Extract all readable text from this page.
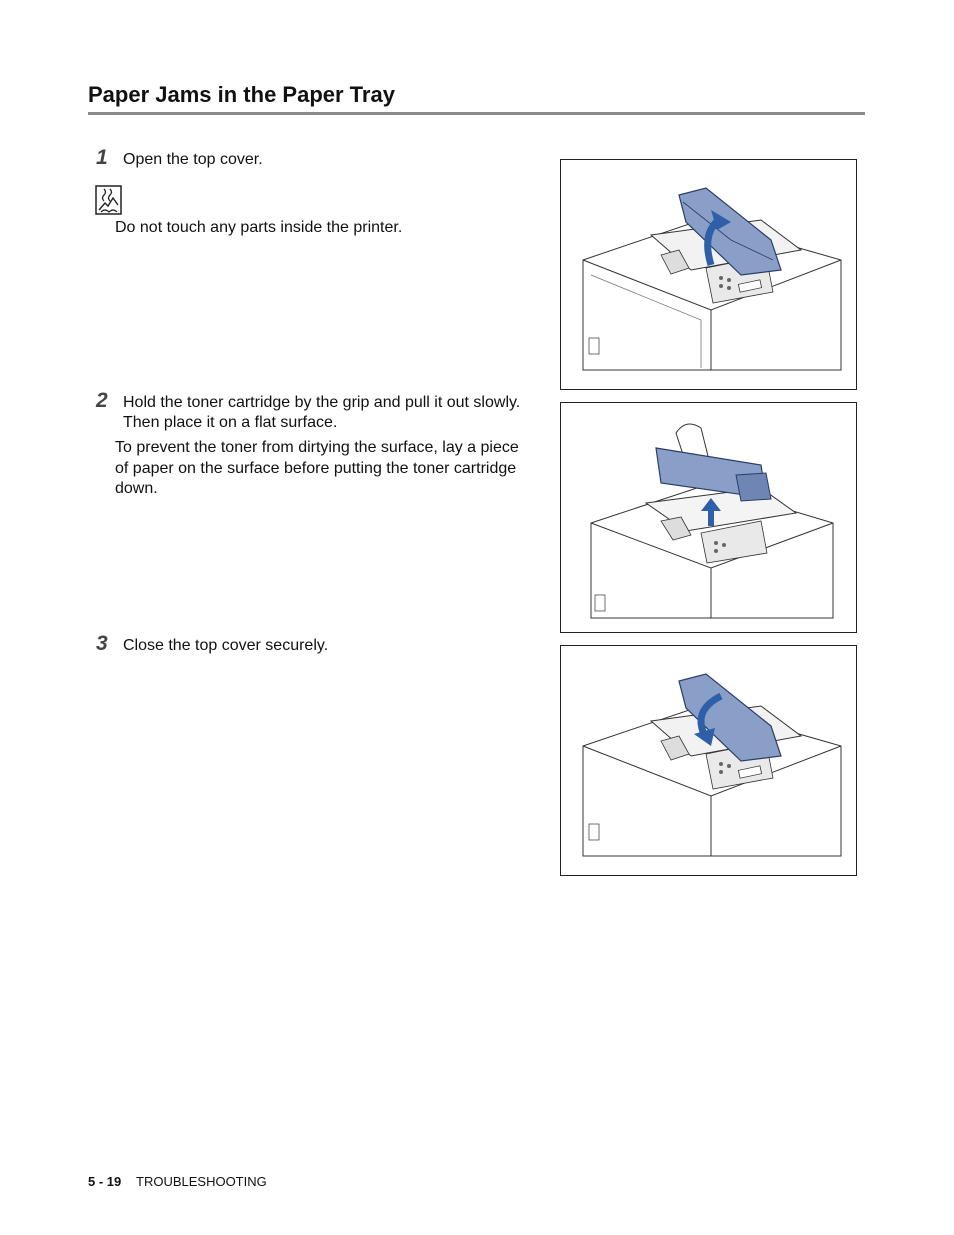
Paper Jams in the Paper Tray
1 Open the top cover.
Do not touch any parts inside the printer.
2 Hold the toner cartridge by the grip and pull it out slowly.
Then place it on a flat surface.
To prevent the toner from dirtying the surface, lay a piece
of paper on the surface before putting the toner cartridge
down.
3 Close the top cover securely.
5 - 19 TROUBLESHOOTING
